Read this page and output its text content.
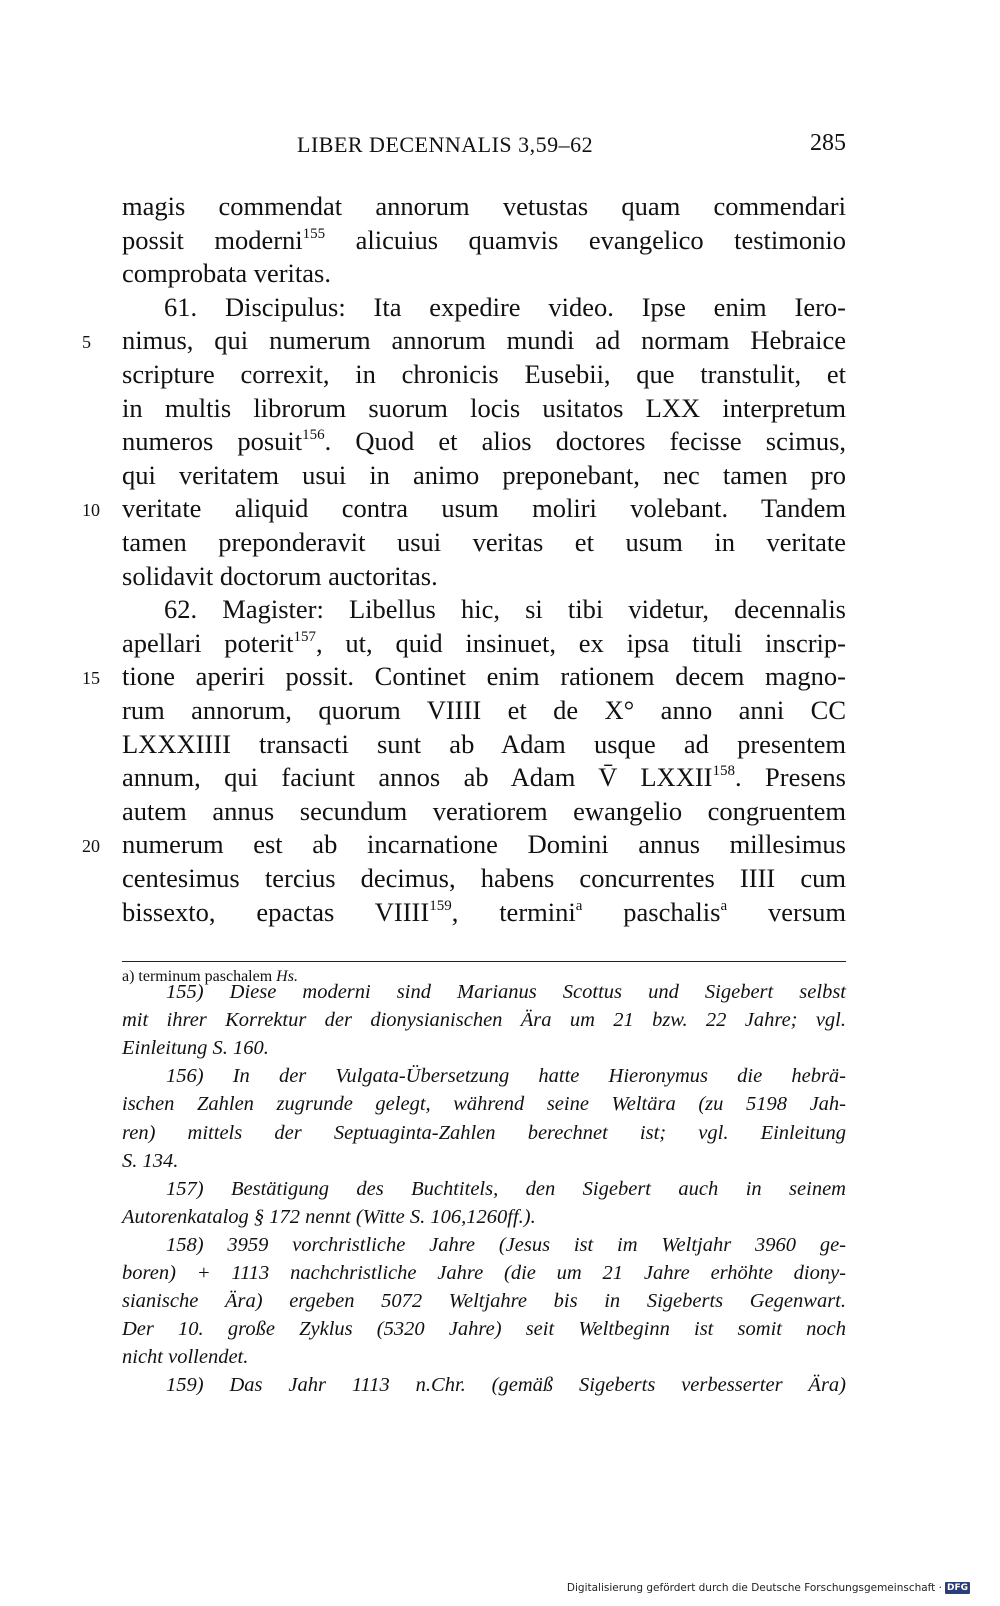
LIBER DECENNALIS 3,59–62	285
magis commendat annorum vetustas quam commendari
possit moderni$^{155}$ alicuius quamvis evangelico testimonio
comprobata veritas.
61. Discipulus: Ita expedire video. Ipse enim Iero-
5	nimus, qui numerum annorum mundi ad normam Hebraice
scripture correxit, in chronicis Eusebii, que transtulit, et
in multis librorum suorum locis usitatos LXX interpretum
numeros posuit$^{156}$. Quod et alios doctores fecisse scimus,
qui veritatem usui in animo preponebant, nec tamen pro
10 veritate aliquid contra usum moliri volebant. Tandem
tamen preponderavit usui veritas et usum in veritate
solidavit doctorum auctoritas.
62. Magister: Libellus hic, si tibi videtur, decennalis
apellari poterit$^{157}$, ut, quid insinuet, ex ipsa tituli inscrip-
15 tione aperiri possit. Continet enim rationem decem magno-
rum annorum, quorum VIIII et de X° anno anni CC
LXXXIIII transacti sunt ab Adam usque ad presentem
annum, qui faciunt annos ab Adam V̄ LXXII$^{158}$. Presens
autem annus secundum veratiorem ewangelio congruentem
20 numerum est ab incarnatione Domini annus millesimus
centesimus tercius decimus, habens concurrentes IIII cum
bissexto, epactas VIIII$^{159}$, termini$^a$ paschalis$^a$ versum
a) terminum paschalem Hs.
155) Diese moderni sind Marianus Scottus und Sigebert selbst
mit ihrer Korrektur der dionysianischen Ära um 21 bzw. 22 Jahre; vgl.
Einleitung S. 160.
156) In der Vulgata-Übersetzung hatte Hieronymus die hebrä-
ischen Zahlen zugrunde gelegt, während seine Weltära (zu 5198 Jah-
ren) mittels der Septuaginta-Zahlen berechnet ist; vgl. Einleitung
S. 134.
157) Bestätigung des Buchtitels, den Sigebert auch in seinem
Autorenkatalog § 172 nennt (Witte S. 106,1260ff.).
158) 3959 vorchristliche Jahre (Jesus ist im Weltjahr 3960 ge-
boren) + 1113 nachchristliche Jahre (die um 21 Jahre erhöhte diony-
sianische Ära) ergeben 5072 Weltjahre bis in Sigeberts Gegenwart.
Der 10. große Zyklus (5320 Jahre) seit Weltbeginn ist somit noch
nicht vollendet.
159) Das Jahr 1113 n.Chr. (gemäß Sigeberts verbesserter Ära)
Digitalisierung gefördert durch die Deutsche Forschungsgemeinschaft · DFG
